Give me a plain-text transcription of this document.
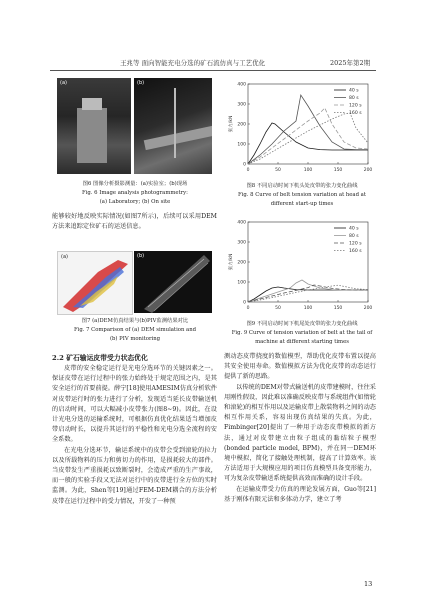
王兆等 面向智能充电分选的矿石流仿真与工艺优化	2025年第2期
(a)	(b)
图6 图像分析摄影测量：(a)实验室；(b)现场
Fig. 6 Image analysis photogrammetry:
(a) Laboratory; (b) On site
能够较好地反映实际情况(如图7所示)，后续可以采用DEM方法来追踪定位矿石的运送信息。
(a)	(b)
图7 (a)DEM仿真结果与(b)PIV监测结果对比
Fig. 7 Comparison of (a) DEM simulation and
(b) PIV monitoring
2.2 矿石输运皮带受力状态优化

皮带的安全稳定运行是光电分选环节的关键因素之一。保证皮带在运行过程中的张力始终处于规定范围之内，是其安全运行的首要前提。薛宁[18]使用AMESIM仿真分析软件对皮带运行时的张力进行了分析，发现适当延长皮带输送机的启动时间，可以大幅减小皮带张力(图8~9)。因此，在设计光电分选的运输系统时，可根据仿真优化结果适当增加皮带启动时长，以提升其运行的平稳性和光电分选全流程的安全系数。

在光电分选环节，输运系统中的皮带会受到滚轮的拉力以及所载物料的压力和剪切力的作用，是损耗较大的部件。当皮带发生严重损耗以致断裂时，会造成严重的生产事故，而一般的实验手段又无法对运行中的皮带进行全方位的实时监测。为此，Shen等[19]通过FEM-DEM耦合的方法分析皮带在运行过程中的受力情况，开发了一种预

0
100
200
300
400
0	50	100	150	200
张力/kN
40 s
80 s
120 s
160 s
图8 不同启动时间下机头处皮带的张力变化曲线
Fig. 8 Curve of belt tension variation at head at
different start-up times
0
100
200
300
400
0	50	100	150	200
张力/kN
40 s
80 s
120 s
160 s
图9 不同启动时间下机尾处皮带的张力变化曲线
Fig. 9 Curve of tension variation of belt at the tail of
machine at different starting times

测动态皮带挠度的数值模型，帮助优化皮带布置以提高其安全使用寿命。数值模拟方法为优化皮带的动态运行提供了新的思路。

以传统的DEM对带式输送机的皮带建模时，往往采用刚性假设，因此难以准确反映皮带与系统组件(如惰轮和滚轮)的相互作用以及运输皮带上散装物料之间的动态相互作用关系，容易出现仿真结果的失真。为此，Fimbinger[20]提出了一种用于动态皮带模拟的新方法，通过对皮带建立由粒子组成的黏结粒子模型(bonded particle model, BPM)，并在同一DEM环境中模拟，简化了接触处理机制，提高了计算效率。该方法适用于大规模应用的项目仿真模型具备变形能力，可为复杂皮带输送系统提供高效而准确的设计手段。

在运输皮带受力仿真的理论发展方面，Guo等[21]基于刚体有限元法和多体动力学，建立了考

13
